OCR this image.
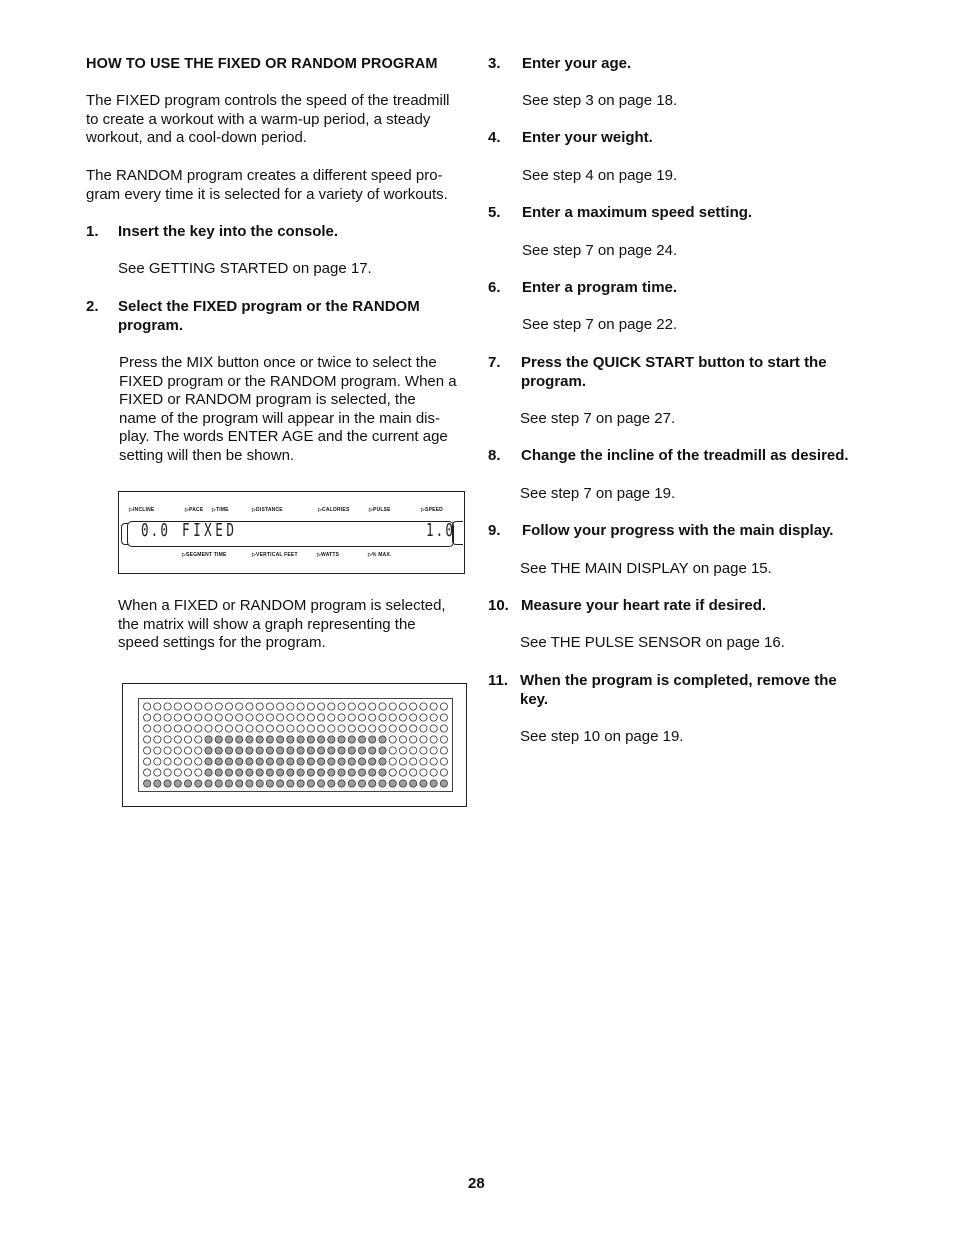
HOW TO USE THE FIXED OR RANDOM PROGRAM
The FIXED program controls the speed of the treadmill
to create a workout with a warm-up period, a steady
workout, and a cool-down period.
The RANDOM program creates a different speed pro-
gram every time it is selected for a variety of workouts.
1. Insert the key into the console.
See GETTING STARTED on page 17.
2. Select the FIXED program or the RANDOM
program.
Press the MIX button once or twice to select the
FIXED program or the RANDOM program. When a
FIXED or RANDOM program is selected, the
name of the program will appear in the main dis-
play. The words ENTER AGE and the current age
setting will then be shown.
▷INCLINE	▷PACE ▷TIME	▷DISTANCE	▷CALORIES	▷PULSE	▷SPEED
0.0 FIXED	1.0
▷SEGMENT TIME	▷VERTICAL FEET	▷WATTS	▷% MAX.
When a FIXED or RANDOM program is selected,
the matrix will show a graph representing the
speed settings for the program.
3. Enter your age.
See step 3 on page 18.
4. Enter your weight.
See step 4 on page 19.
5. Enter a maximum speed setting.
See step 7 on page 24.
6. Enter a program time.
See step 7 on page 22.
7. Press the QUICK START button to start the
program.
See step 7 on page 27.
8. Change the incline of the treadmill as desired.
See step 7 on page 19.
9. Follow your progress with the main display.
See THE MAIN DISPLAY on page 15.
10. Measure your heart rate if desired.
See THE PULSE SENSOR on page 16.
11. When the program is completed, remove the
key.
See step 10 on page 19.
28
